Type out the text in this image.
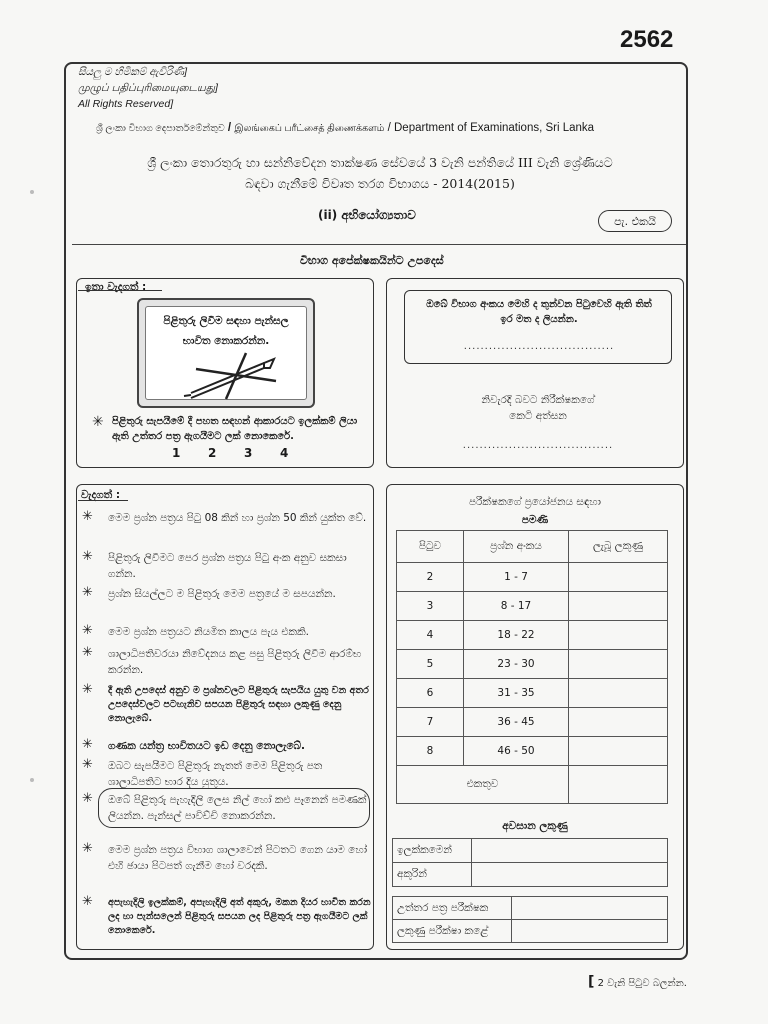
2562
සියලු ම හිමිකම් ඇවිරිණි]
முழுப் பதிப்புரிமையுடையது]
All Rights Reserved]
ශ්‍රී ලංකා විභාග දෙපාර්තමේන්තුව / இலங்கைப் பரீட்சைத் திணைக்களம் / Department of Examinations, Sri Lanka
ශ්‍රී ලංකා තොරතුරු හා සන්නිවේදන තාක්ෂණ සේවයේ 3 වැනි පන්තියේ III වැනි ශ්‍රේණියට
බඳවා ගැනීමේ විවෘත තරග විභාගය - 2014(2015)
(ii) අභියෝග්‍යතාව	පැ. එකයි
විභාග අපේක්ෂකයින්ට උපදෙස්
ඉතා වැදගත් :
පිළිතුරු ලිවීම සඳහා පැන්සල
භාවිත නොකරන්න.
✳ පිළිතුරු සැපයීමේ දී පහත සඳහන් ආකාරයට ඉලක්කම් ලියා ඇති උත්තර පත්‍ර ඇගයීමට ලක් නොකෙරේ.
1 2 3 4
ඔබේ විභාග අංකය මෙහි ද තුන්වන පිටුවෙහි ඇති තිත් ඉර මත ද ලියන්න.
....................................
නිවැරදි බවට නිරීක්ෂකගේ
කෙටි අත්සන
....................................
වැදගත් :
✳ මෙම ප්‍රශ්න පත්‍රය පිටු 08 කින් හා ප්‍රශ්න 50 කින් යුක්ත වේ.
✳ පිළිතුරු ලිවීමට පෙර ප්‍රශ්න පත්‍රය පිටු අංක අනුව සකසා ගන්න.
✳ ප්‍රශ්න සියල්ලට ම පිළිතුරු මෙම පත්‍රයේ ම සපයන්න.
✳ මෙම ප්‍රශ්න පත්‍රයට නියමිත කාලය පැය එකකි.
✳ ශාලාධිපතිවරයා නිවේදනය කළ පසු පිළිතුරු ලිවීම ආරම්භ කරන්න.
✳ දී ඇති උපදෙස් අනුව ම ප්‍රශ්නවලට පිළිතුරු සැපයිය යුතු වන අතර උපදෙස්වලට පටහැනිව සපයන පිළිතුරු සඳහා ලකුණු දෙනු නොලැබේ.
✳ ගණක යන්ත්‍ර භාවිතයට ඉඩ දෙනු නොලැබේ.
✳ ඔබට සැපයීමට පිළිතුරු නැතත් මෙම පිළිතුරු පත ශාලාධිපතිට භාර දිය යුතුය.
✳ ඔබේ පිළිතුරු පැහැදිලි ලෙස නිල් හෝ කළු පෑනෙන් පමණක් ලියන්න. පැන්සල් පාවිච්චි නොකරන්න.
✳ මෙම ප්‍රශ්න පත්‍රය විභාග ශාලාවෙන් පිටතට ගෙන යාම හෝ එහි ඡායා පිටපත් ගැනීම හෝ වරදකි.
✳ අපැහැදිලි ඉලක්කම්, අපැහැදිලි අත් අකුරු, මකන දියර භාවිත කරන ලද හා පැන්සලෙන් පිළිතුරු සපයන ලද පිළිතුරු පත්‍ර ඇගයීමට ලක් නොකෙරේ.
පරීක්ෂකගේ ප්‍රයෝජනය සඳහා
පමණි
පිටුව	ප්‍රශ්න අංකය	ලැබූ ලකුණු
2	1 - 7	
3	8 - 17	
4	18 - 22	
5	23 - 30	
6	31 - 35	
7	36 - 45	
8	46 - 50	
එකතුව		
අවසාන ලකුණු
ඉලක්කමෙන්	
අකුරින්	
උත්තර පත්‍ර පරීක්ෂක	
ලකුණු පරීක්ෂා කළේ	
[ 2 වැනි පිටුව බලන්න.
